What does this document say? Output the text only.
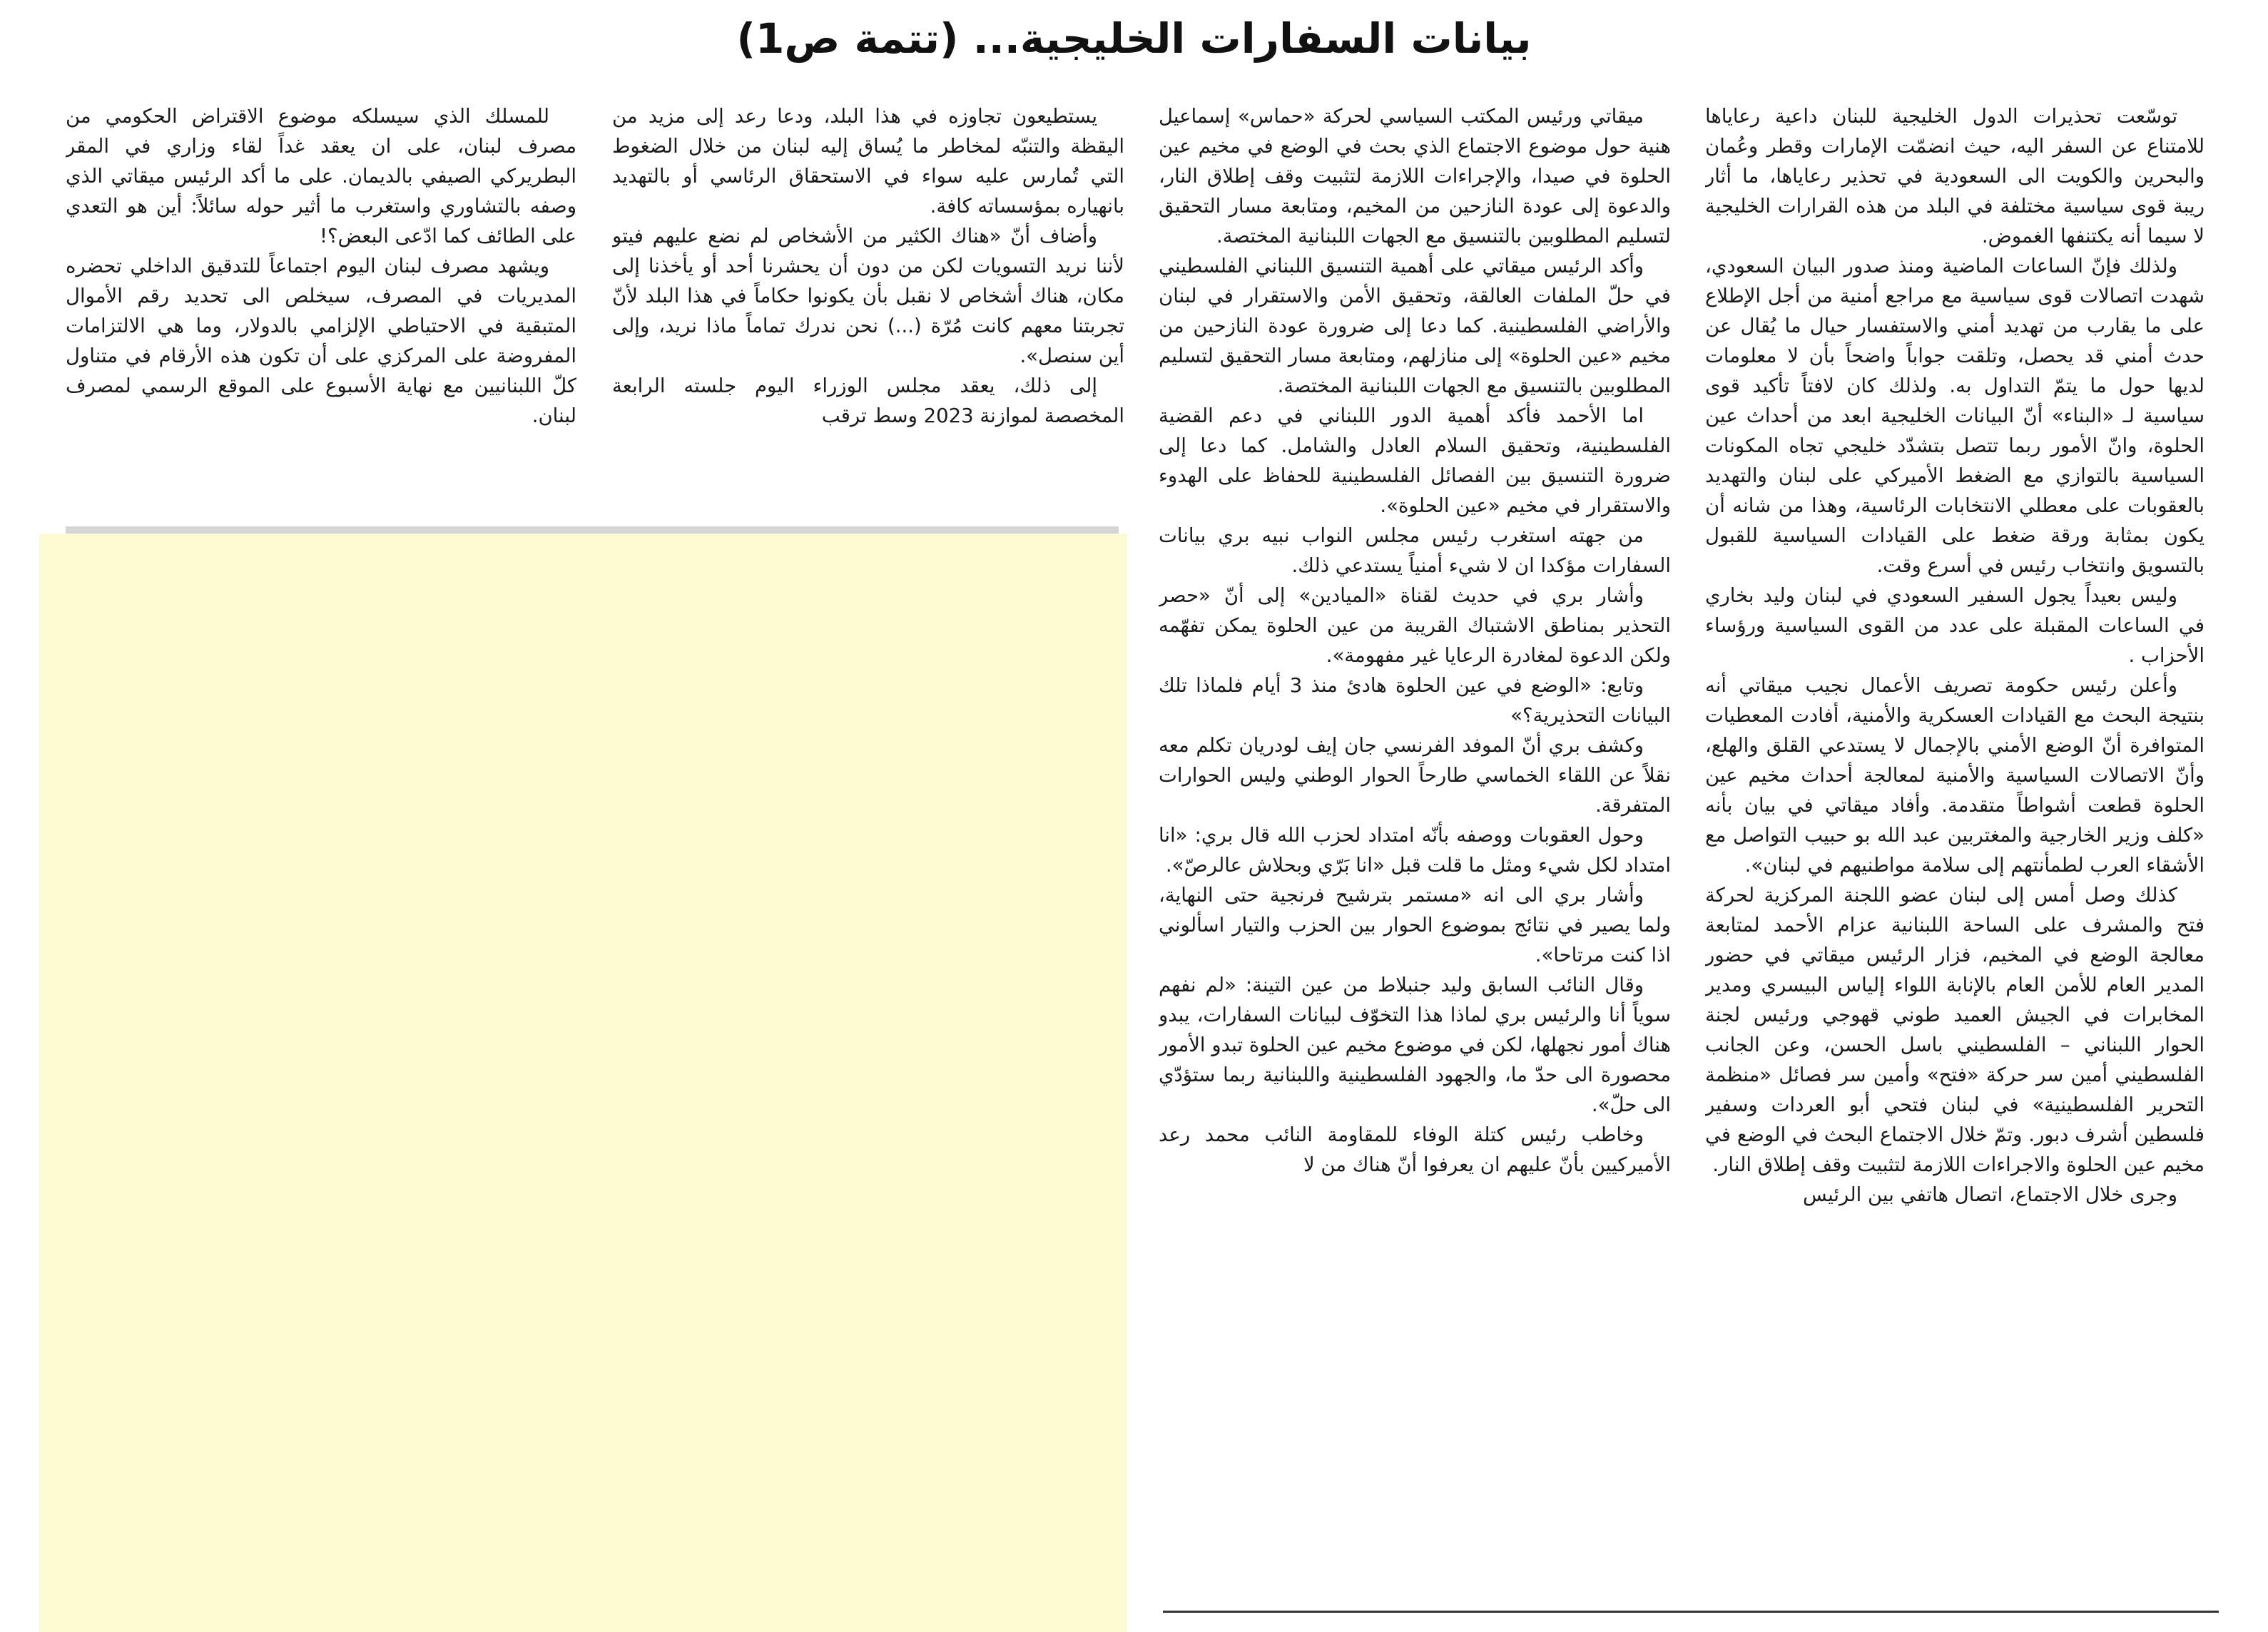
بيانات السفارات الخليجية... (تتمة ص1)

توسّعت تحذيرات الدول الخليجية للبنان داعية رعاياها للامتناع عن السفر اليه، حيث انضمّت الإمارات وقطر وعُمان والبحرين والكويت الى السعودية في تحذير رعاياها، ما أثار ريبة قوى سياسية مختلفة في البلد من هذه القرارات الخليجية لا سيما أنه يكتنفها الغموض.

ولذلك فإنّ الساعات الماضية ومنذ صدور البيان السعودي، شهدت اتصالات قوى سياسية مع مراجع أمنية من أجل الإطلاع على ما يقارب من تهديد أمني والاستفسار حيال ما يُقال عن حدث أمني قد يحصل، وتلقت جواباً واضحاً بأن لا معلومات لديها حول ما يتمّ التداول به. ولذلك كان لافتاً تأكيد قوى سياسية لـ «البناء» أنّ البيانات الخليجية ابعد من أحداث عين الحلوة، وانّ الأمور ربما تتصل بتشدّد خليجي تجاه المكونات السياسية بالتوازي مع الضغط الأميركي على لبنان والتهديد بالعقوبات على معطلي الانتخابات الرئاسية، وهذا من شانه أن يكون بمثابة ورقة ضغط على القيادات السياسية للقبول بالتسويق وانتخاب رئيس في أسرع وقت.

وليس بعيداً يجول السفير السعودي في لبنان وليد بخاري في الساعات المقبلة على عدد من القوى السياسية ورؤساء الأحزاب .

وأعلن رئيس حكومة تصريف الأعمال نجيب ميقاتي أنه بنتيجة البحث مع القيادات العسكرية والأمنية، أفادت المعطيات المتوافرة أنّ الوضع الأمني بالإجمال لا يستدعي القلق والهلع، وأنّ الاتصالات السياسية والأمنية لمعالجة أحداث مخيم عين الحلوة قطعت أشواطاً متقدمة. وأفاد ميقاتي في بيان بأنه «كلف وزير الخارجية والمغتربين عبد الله بو حبيب التواصل مع الأشقاء العرب لطمأنتهم إلى سلامة مواطنيهم في لبنان».

كذلك وصل أمس إلى لبنان عضو اللجنة المركزية لحركة فتح والمشرف على الساحة اللبنانية عزام الأحمد لمتابعة معالجة الوضع في المخيم، فزار الرئيس ميقاتي في حضور المدير العام للأمن العام بالإنابة اللواء إلياس البيسري ومدير المخابرات في الجيش العميد طوني قهوجي ورئيس لجنة الحوار اللبناني – الفلسطيني باسل الحسن، وعن الجانب الفلسطيني أمين سر حركة «فتح» وأمين سر فصائل «منظمة التحرير الفلسطينية» في لبنان فتحي أبو العردات وسفير فلسطين أشرف دبور. وتمّ خلال الاجتماع البحث في الوضع في مخيم عين الحلوة والاجراءات اللازمة لتثبيت وقف إطلاق النار.

وجرى خلال الاجتماع، اتصال هاتفي بين الرئيس

ميقاتي ورئيس المكتب السياسي لحركة «حماس» إسماعيل هنية حول موضوع الاجتماع الذي بحث في الوضع في مخيم عين الحلوة في صيدا، والإجراءات اللازمة لتثبيت وقف إطلاق النار، والدعوة إلى عودة النازحين من المخيم، ومتابعة مسار التحقيق لتسليم المطلوبين بالتنسيق مع الجهات اللبنانية المختصة.

وأكد الرئيس ميقاتي على أهمية التنسيق اللبناني الفلسطيني في حلّ الملفات العالقة، وتحقيق الأمن والاستقرار في لبنان والأراضي الفلسطينية. كما دعا إلى ضرورة عودة النازحين من مخيم «عين الحلوة» إلى منازلهم، ومتابعة مسار التحقيق لتسليم المطلوبين بالتنسيق مع الجهات اللبنانية المختصة.

اما الأحمد فأكد أهمية الدور اللبناني في دعم القضية الفلسطينية، وتحقيق السلام العادل والشامل. كما دعا إلى ضرورة التنسيق بين الفصائل الفلسطينية للحفاظ على الهدوء والاستقرار في مخيم «عين الحلوة».

من جهته استغرب رئيس مجلس النواب نبيه بري بيانات السفارات مؤكدا ان لا شيء أمنياً يستدعي ذلك.

وأشار بري في حديث لقناة «الميادين» إلى أنّ «حصر التحذير بمناطق الاشتباك القريبة من عين الحلوة يمكن تفهّمه ولكن الدعوة لمغادرة الرعايا غير مفهومة».

وتابع: «الوضع في عين الحلوة هادئ منذ 3 أيام فلماذا تلك البيانات التحذيرية؟»

وكشف بري أنّ الموفد الفرنسي جان إيف لودريان تكلم معه نقلاً عن اللقاء الخماسي طارحاً الحوار الوطني وليس الحوارات المتفرقة.

وحول العقوبات ووصفه بأنّه امتداد لحزب الله قال بري: «انا امتداد لكل شيء ومثل ما قلت قبل «انا بَرّي وبحلاش عالرصّ».

وأشار بري الى انه «مستمر بترشيح فرنجية حتى النهاية، ولما يصير في نتائج بموضوع الحوار بين الحزب والتيار اسألوني اذا كنت مرتاحا».

وقال النائب السابق وليد جنبلاط من عين التينة: «لم نفهم سوياً أنا والرئيس بري لماذا هذا التخوّف لبيانات السفارات، يبدو هناك أمور نجهلها، لكن في موضوع مخيم عين الحلوة تبدو الأمور محصورة الى حدّ ما، والجهود الفلسطينية واللبنانية ربما ستؤدّي الى حلّ».

وخاطب رئيس كتلة الوفاء للمقاومة النائب محمد رعد الأميركيين بأنّ عليهم ان يعرفوا أنّ هناك من لا

يستطيعون تجاوزه في هذا البلد، ودعا رعد إلى مزيد من اليقظة والتنبّه لمخاطر ما يُساق إليه لبنان من خلال الضغوط التي تُمارس عليه سواء في الاستحقاق الرئاسي أو بالتهديد بانهياره بمؤسساته كافة.

وأضاف أنّ «هناك الكثير من الأشخاص لم نضع عليهم فيتو لأننا نريد التسويات لكن من دون أن يحشرنا أحد أو يأخذنا إلى مكان، هناك أشخاص لا نقبل بأن يكونوا حكاماً في هذا البلد لأنّ تجربتنا معهم كانت مُرّة (...) نحن ندرك تماماً ماذا نريد، وإلى أين سنصل».

إلى ذلك، يعقد مجلس الوزراء اليوم جلسته الرابعة المخصصة لموازنة 2023 وسط ترقب

للمسلك الذي سيسلكه موضوع الاقتراض الحكومي من مصرف لبنان، على ان يعقد غداً لقاء وزاري في المقر البطريركي الصيفي بالديمان. على ما أكد الرئيس ميقاتي الذي وصفه بالتشاوري واستغرب ما أثير حوله سائلاً: أين هو التعدي على الطائف كما ادّعى البعض؟!

ويشهد مصرف لبنان اليوم اجتماعاً للتدقيق الداخلي تحضره المديريات في المصرف، سيخلص الى تحديد رقم الأموال المتبقية في الاحتياطي الإلزامي بالدولار، وما هي الالتزامات المفروضة على المركزي على أن تكون هذه الأرقام في متناول كلّ اللبنانيين مع نهاية الأسبوع على الموقع الرسمي لمصرف لبنان.
